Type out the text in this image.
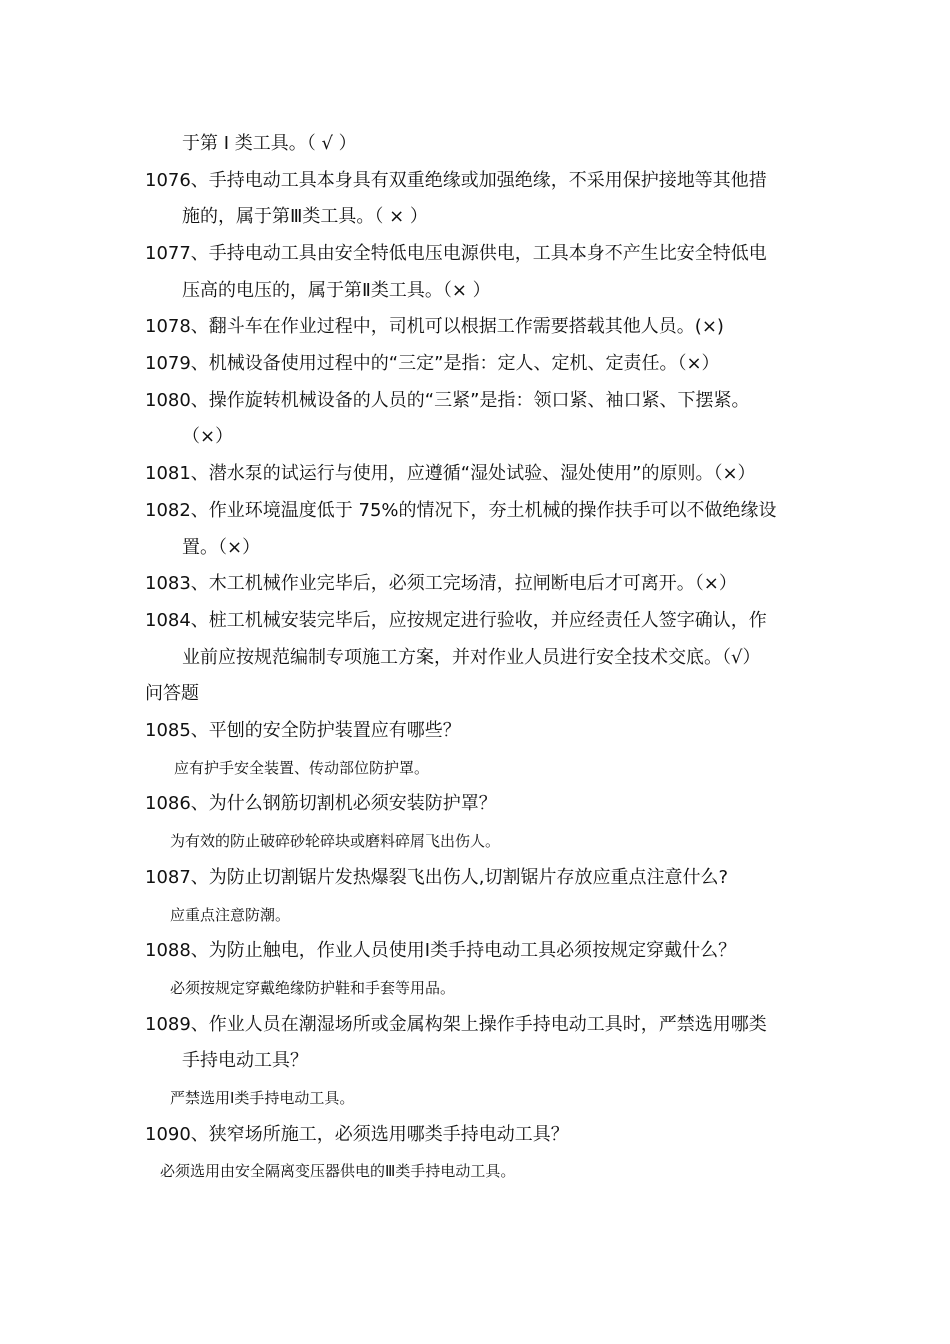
于第 I 类工具。（ √ ）
1076、手持电动工具本身具有双重绝缘或加强绝缘，不采用保护接地等其他措
施的，属于第Ⅲ类工具。（ × ）
1077、手持电动工具由安全特低电压电源供电，工具本身不产生比安全特低电
压高的电压的，属于第Ⅱ类工具。（× ）
1078、翻斗车在作业过程中，司机可以根据工作需要搭载其他人员。(×)
1079、机械设备使用过程中的“三定”是指：定人、定机、定责任。（×）
1080、操作旋转机械设备的人员的“三紧”是指：领口紧、袖口紧、下摆紧。
（×）
1081、潜水泵的试运行与使用，应遵循“湿处试验、湿处使用”的原则。（×）
1082、作业环境温度低于 75%的情况下，夯土机械的操作扶手可以不做绝缘设
置。（×）
1083、木工机械作业完毕后，必须工完场清，拉闸断电后才可离开。（×）
1084、桩工机械安装完毕后，应按规定进行验收，并应经责任人签字确认，作
业前应按规范编制专项施工方案，并对作业人员进行安全技术交底。（√）
问答题
1085、平刨的安全防护装置应有哪些？
应有护手安全装置、传动部位防护罩。
1086、为什么钢筋切割机必须安装防护罩？
为有效的防止破碎砂轮碎块或磨料碎屑飞出伤人。
1087、为防止切割锯片发热爆裂飞出伤人,切割锯片存放应重点注意什么?
应重点注意防潮。
1088、为防止触电，作业人员使用Ⅰ类手持电动工具必须按规定穿戴什么？
必须按规定穿戴绝缘防护鞋和手套等用品。
1089、作业人员在潮湿场所或金属构架上操作手持电动工具时，严禁选用哪类
手持电动工具？
严禁选用Ⅰ类手持电动工具。
1090、狭窄场所施工，必须选用哪类手持电动工具？
必须选用由安全隔离变压器供电的Ⅲ类手持电动工具。
